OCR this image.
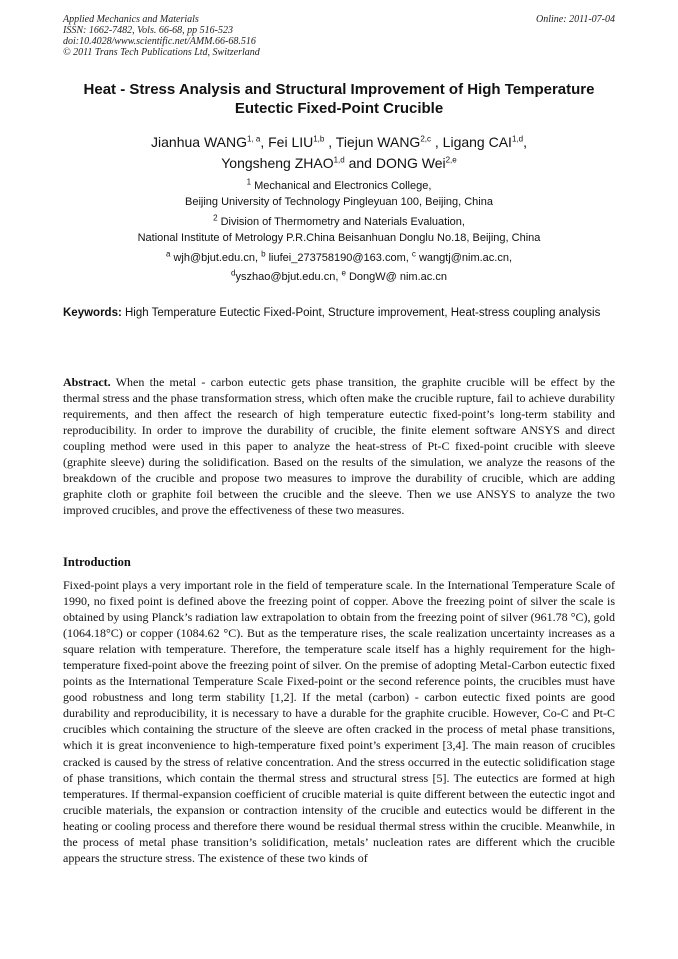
Applied Mechanics and Materials
ISSN: 1662-7482, Vols. 66-68, pp 516-523
doi:10.4028/www.scientific.net/AMM.66-68.516
© 2011 Trans Tech Publications Ltd, Switzerland
Online: 2011-07-04
Heat - Stress Analysis and Structural Improvement of High Temperature Eutectic Fixed-Point Crucible
Jianhua WANG$^{1, a}$, Fei LIU$^{1,b}$ , Tiejun WANG$^{2,c}$ , Ligang CAI$^{1,d}$,
Yongsheng ZHAO$^{1,d}$ and DONG Wei$^{2,e}$
$^1$ Mechanical and Electronics College,
Beijing University of Technology Pingleyuan 100, Beijing, China
$^2$ Division of Thermometry and Naterials Evaluation,
National Institute of Metrology P.R.China Beisanhuan Donglu No.18, Beijing, China
$^a$ wjh@bjut.edu.cn, $^b$ liufei_273758190@163.com, $^c$ wangtj@nim.ac.cn,
$^d$yszhao@bjut.edu.cn, $^e$ DongW@ nim.ac.cn
Keywords: High Temperature Eutectic Fixed-Point, Structure improvement, Heat-stress coupling analysis
Abstract. When the metal - carbon eutectic gets phase transition, the graphite crucible will be effect by the thermal stress and the phase transformation stress, which often make the crucible rupture, fail to achieve durability requirements, and then affect the research of high temperature eutectic fixed-point’s long-term stability and reproducibility. In order to improve the durability of crucible, the finite element software ANSYS and direct coupling method were used in this paper to analyze the heat-stress of Pt-C fixed-point crucible with sleeve (graphite sleeve) during the solidification. Based on the results of the simulation, we analyze the reasons of the breakdown of the crucible and propose two measures to improve the durability of crucible, which are adding graphite cloth or graphite foil between the crucible and the sleeve. Then we use ANSYS to analyze the two improved crucibles, and prove the effectiveness of these two measures.
Introduction
Fixed-point plays a very important role in the field of temperature scale. In the International Temperature Scale of 1990, no fixed point is defined above the freezing point of copper. Above the freezing point of silver the scale is obtained by using Planck’s radiation law extrapolation to obtain from the freezing point of silver (961.78 °C), gold (1064.18°C) or copper (1084.62 °C). But as the temperature rises, the scale realization uncertainty increases as a square relation with temperature. Therefore, the temperature scale itself has a highly requirement for the high-temperature fixed-point above the freezing point of silver. On the premise of adopting Metal-Carbon eutectic fixed points as the International Temperature Scale Fixed-point or the second reference points, the crucibles must have good robustness and long term stability [1,2]. If the metal (carbon) - carbon eutectic fixed points are good durability and reproducibility, it is necessary to have a durable for the graphite crucible. However, Co-C and Pt-C crucibles which containing the structure of the sleeve are often cracked in the process of metal phase transitions, which it is great inconvenience to high-temperature fixed point’s experiment [3,4]. The main reason of crucibles cracked is caused by the stress of relative concentration. And the stress occurred in the eutectic solidification stage of phase transitions, which contain the thermal stress and structural stress [5]. The eutectics are formed at high temperatures. If thermal-expansion coefficient of crucible material is quite different between the eutectic ingot and crucible materials, the expansion or contraction intensity of the crucible and eutectics would be different in the heating or cooling process and therefore there wound be residual thermal stress within the crucible. Meanwhile, in the process of metal phase transition’s solidification, metals’ nucleation rates are different which the crucible appears the structure stress. The existence of these two kinds of
